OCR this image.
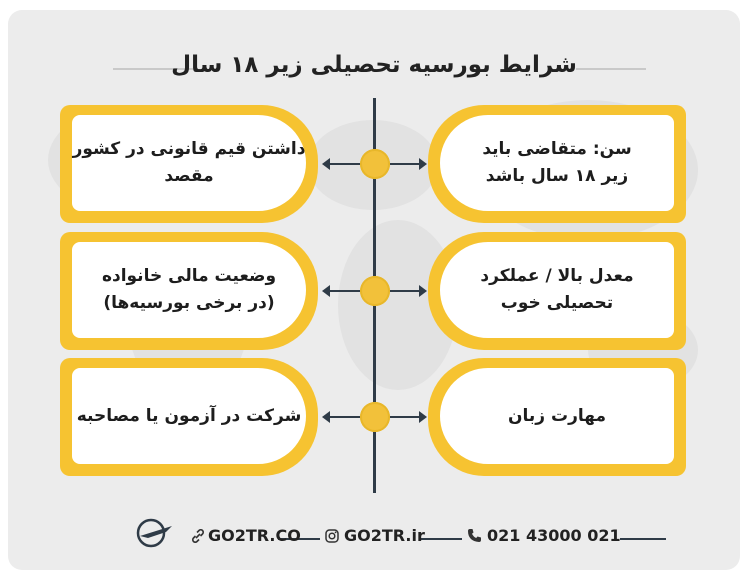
شرایط بورسیه تحصیلی زیر ۱۸ سال
داشتن قیم قانونی در کشور مقصد
سن: متقاضی باید
زیر ۱۸ سال باشد
وضعیت مالی خانواده
(در برخی بورسیه‌ها)
معدل بالا / عملکرد
تحصیلی خوب
شرکت در آزمون یا مصاحبه	مهارت زبان
GO2TR.CO	GO2TR.ir	021 43000 021
